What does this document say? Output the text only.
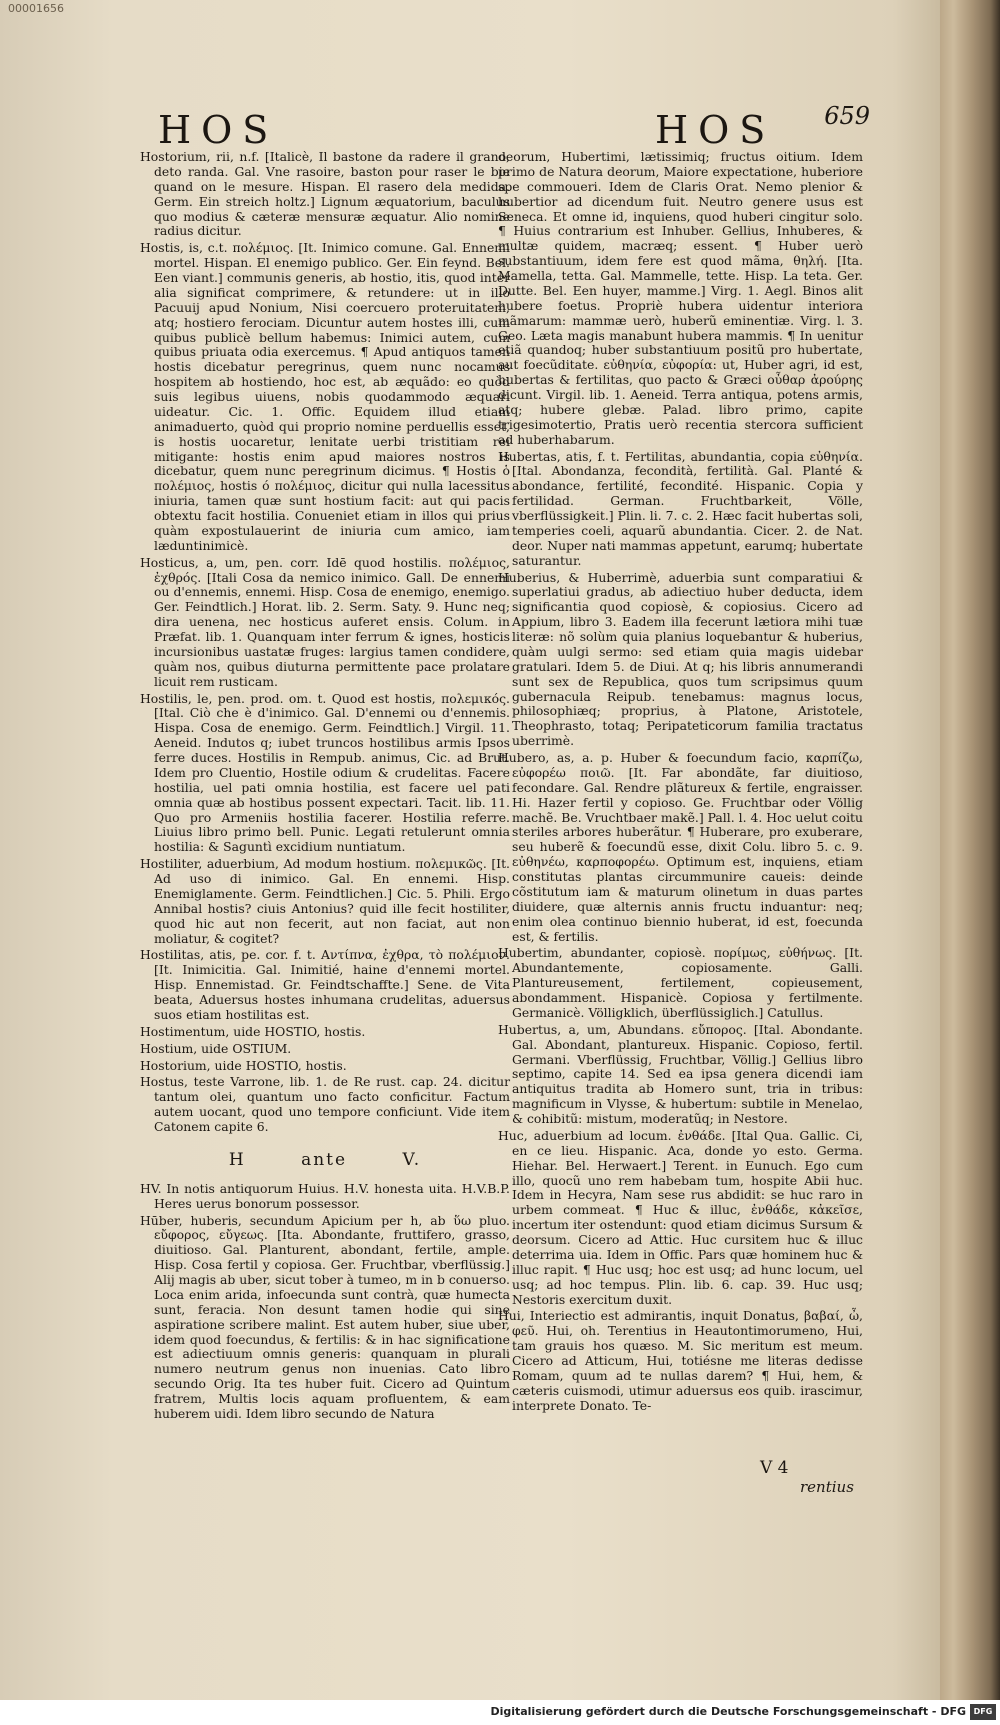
00001656
HOS	HOS 659

Hostorium, rii, n.f. [Italicè, Il bastone da radere il grano, deto randa. Gal. Vne rasoire, baston pour raser le bie quand on le mesure. Hispan. El rasero dela medida. Germ. Ein streich holtz.] Lignum æquatorium, baculus quo modius & cæteræ mensuræ æquatur. Alio nomine radius dicitur.

Hostis, is, c.t. πολέμιος. [It. Inimico comune. Gal. Ennemi mortel. Hispan. El enemigo publico. Ger. Ein feynd. Bel. Een viant.] communis generis, ab hostio, itis, quod inter alia significat comprimere, & retundere: ut in illo Pacuuij apud Nonium, Nisi coercuero proteruitatem, atq; hostiero ferociam. Dicuntur autem hostes illi, cum quibus publicè bellum habemus: Inimici autem, cum quibus priuata odia exercemus. ¶ Apud antiquos tamen hostis dicebatur peregrinus, quem nunc nocamus hospitem ab hostiendo, hoc est, ab æquãdo: eo quòd suis legibus uiuens, nobis quodammodo æquari uideatur. Cic. 1. Offic. Equidem illud etiam animaduerto, quòd qui proprio nomine perduellis esset, is hostis uocaretur, lenitate uerbi tristitiam rei mitigante: hostis enim apud maiores nostros is dicebatur, quem nunc peregrinum dicimus. ¶ Hostis ὁ πολέμιος, hostis ό πολέμιος, dicitur qui nulla lacessitus iniuria, tamen quæ sunt hostium facit: aut qui pacis obtextu facit hostilia. Conueniet etiam in illos qui prius quàm expostulauerint de iniuria cum amico, iam læduntinimicè.

Hosticus, a, um, pen. corr. Idē quod hostilis. πολέμιος, ἐχθρός. [Itali Cosa da nemico inimico. Gall. De ennemi ou d'ennemis, ennemi. Hisp. Cosa de enemigo, enemigo. Ger. Feindtlich.] Horat. lib. 2. Serm. Saty. 9. Hunc neq; dira uenena, nec hosticus auferet ensis. Colum. in Præfat. lib. 1. Quanquam inter ferrum & ignes, hosticis incursionibus uastatæ fruges: largius tamen condidere, quàm nos, quibus diuturna permittente pace prolatare licuit rem rusticam.

Hostilis, le, pen. prod. om. t. Quod est hostis, πολεμικός. [Ital. Ciò che è d'inimico. Gal. D'ennemi ou d'ennemis. Hispa. Cosa de enemigo. Germ. Feindtlich.] Virgil. 11. Aeneid. Indutos q; iubet truncos hostilibus armis Ipsos ferre duces. Hostilis in Rempub. animus, Cic. ad Brut. Idem pro Cluentio, Hostile odium & crudelitas. Facere hostilia, uel pati omnia hostilia, est facere uel pati omnia quæ ab hostibus possent expectari. Tacit. lib. 11. Quo pro Armeniis hostilia facerer. Hostilia referre. Liuius libro primo bell. Punic. Legati retulerunt omnia hostilia: & Saguntì excidium nuntiatum.

Hostiliter, aduerbium, Ad modum hostium. πολεμικῶς. [It. Ad uso di inimico. Gal. En ennemi. Hisp. Enemiglamente. Germ. Feindtlichen.] Cic. 5. Phili. Ergo Annibal hostis? ciuis Antonius? quid ille fecit hostiliter, quod hic aut non fecerit, aut non faciat, aut non moliatur, & cogitet?

Hostilitas, atis, pe. cor. f. t. Αντίπνα, ἐχθρα, τὸ πολέμιον. [It. Inimicitia. Gal. Inimitié, haine d'ennemi mortel. Hisp. Ennemistad. Gr. Feindtschaffte.] Sene. de Vita beata, Aduersus hostes inhumana crudelitas, aduersus suos etiam hostilitas est.

Hostimentum, uide HOSTIO, hostis.

Hostium, uide OSTIUM.

Hostorium, uide HOSTIO, hostis.

Hostus, teste Varrone, lib. 1. de Re rust. cap. 24. dicitur tantum olei, quantum uno facto conficitur. Factum autem uocant, quod uno tempore conficiunt. Vide item Catonem capite 6.

H	ante	V.

HV. In notis antiquorum Huius. H.V. honesta uita. H.V.B.P. Heres uerus bonorum possessor.

Hūber, huberis, secundum Apicium per h, ab ὕω pluo. εὔφορος, εὔγεως. [Ita. Abondante, fruttifero, grasso, diuitioso. Gal. Planturent, abondant, fertile, ample. Hisp. Cosa fertil y copiosa. Ger. Fruchtbar, vberflüssig.] Alij magis ab uber, sicut tober à tumeo, m in b conuerso. Loca enim arida, infoecunda sunt contrà, quæ humecta sunt, feracia. Non desunt tamen hodie qui sine aspiratione scribere malint. Est autem huber, siue uber, idem quod foecundus, & fertilis: & in hac significatione est adiectiuum omnis generis: quanquam in plurali numero neutrum genus non inuenias. Cato libro secundo Orig. Ita tes huber fuit. Cicero ad Quintum fratrem, Multis locis aquam profluentem, & eam huberem uidi. Idem libro secundo de Natura

deorum, Hubertimi, lætissimiq; fructus oitium. Idem primo de Natura deorum, Maiore expectatione, huberiore spe commoueri. Idem de Claris Orat. Nemo plenior & hubertior ad dicendum fuit. Neutro genere usus est Seneca. Et omne id, inquiens, quod huberi cingitur solo. ¶ Huius contrarium est Inhuber. Gellius, Inhuberes, & multæ quidem, macræq; essent. ¶ Huber uerò substantiuum, idem fere est quod mãma, θηλή. [Ita. Mamella, tetta. Gal. Mammelle, tette. Hisp. La teta. Ger. Dutte. Bel. Een huyer, mamme.] Virg. 1. Aegl. Binos alit hubere foetus. Propriè hubera uidentur interiora mãmarum: mammæ uerò, huberũ eminentiæ. Virg. l. 3. Geo. Læta magis manabunt hubera mammis. ¶ In uenitur etiã quandoq; huber substantiuum positũ pro hubertate, aut foecũditate. εὐθηνία, εὐφορία: ut, Huber agri, id est, hubertas & fertilitas, quo pacto & Græci οὖθαρ ἀρούρης dicunt. Virgil. lib. 1. Aeneid. Terra antiqua, potens armis, atq; hubere glebæ. Palad. libro primo, capite trigesimotertio, Pratis uerò recentia stercora sufficient ad huberhabarum.

Hubertas, atis, f. t. Fertilitas, abundantia, copia εὐθηνία. [Ital. Abondanza, fecondità, fertilità. Gal. Planté & abondance, fertilité, fecondité. Hispanic. Copia y fertilidad. German. Fruchtbarkeit, Völle, vberflüssigkeit.] Plin. li. 7. c. 2. Hæc facit hubertas soli, temperies coeli, aquarũ abundantia. Cicer. 2. de Nat. deor. Nuper nati mammas appetunt, earumq; hubertate saturantur.

Huberius, & Huberrimè, aduerbia sunt comparatiui & superlatiui gradus, ab adiectiuo huber deducta, idem significantia quod copiosè, & copiosius. Cicero ad Appium, libro 3. Eadem illa fecerunt lætiora mihi tuæ literæ: nõ solùm quia planius loquebantur & huberius, quàm uulgi sermo: sed etiam quia magis uidebar gratulari. Idem 5. de Diui. At q; his libris annumerandi sunt sex de Republica, quos tum scripsimus quum gubernacula Reipub. tenebamus: magnus locus, philosophiæq; proprius, à Platone, Aristotele, Theophrasto, totaq; Peripateticorum familia tractatus uberrimè.

Hubero, as, a. p. Huber & foecundum facio, καρπίζω, εὐφορέω ποιῶ. [It. Far abondãte, far diuitioso, fecondare. Gal. Rendre plãtureux & fertile, engraisser. Hi. Hazer fertil y copioso. Ge. Fruchtbar oder Völlig machẽ. Be. Vruchtbaer makẽ.] Pall. l. 4. Hoc uelut coitu steriles arbores huberãtur. ¶ Huberare, pro exuberare, seu huberẽ & foecundũ esse, dixit Colu. libro 5. c. 9. εὐθηνέω, καρποφορέω. Optimum est, inquiens, etiam constitutas plantas circummunire caueis: deinde cõstitutum iam & maturum olinetum in duas partes diuidere, quæ alternis annis fructu induantur: neq; enim olea continuo biennio huberat, id est, foecunda est, & fertilis.

Hubertim, abundanter, copiosè. πορίμως, εὐθήνως. [It. Abundantemente, copiosamente. Galli. Plantureusement, fertilement, copieusement, abondamment. Hispanicè. Copiosa y fertilmente. Germanicè. Völligklich, überflüssiglich.] Catullus.

Hubertus, a, um, Abundans. εὔπορος. [Ital. Abondante. Gal. Abondant, plantureux. Hispanic. Copioso, fertil. Germani. Vberflüssig, Fruchtbar, Völlig.] Gellius libro septimo, capite 14. Sed ea ipsa genera dicendi iam antiquitus tradita ab Homero sunt, tria in tribus: magnificum in Vlysse, & hubertum: subtile in Menelao, & cohibitũ: mistum, moderatũq; in Nestore.

Huc, aduerbium ad locum. ἐνθάδε. [Ital Qua. Gallic. Ci, en ce lieu. Hispanic. Aca, donde yo esto. Germa. Hiehar. Bel. Herwaert.] Terent. in Eunuch. Ego cum illo, quocũ uno rem habebam tum, hospite Abii huc. Idem in Hecyra, Nam sese rus abdidit: se huc raro in urbem commeat. ¶ Huc & illuc, ἐνθάδε, κἀκεῖσε, incertum iter ostendunt: quod etiam dicimus Sursum & deorsum. Cicero ad Attic. Huc cursitem huc & illuc deterrima uia. Idem in Offic. Pars quæ hominem huc & illuc rapit. ¶ Huc usq; hoc est usq; ad hunc locum, uel usq; ad hoc tempus. Plin. lib. 6. cap. 39. Huc usq; Nestoris exercitum duxit.

Hui, Interiectio est admirantis, inquit Donatus, βαβαί, ὦ, φεῦ. Hui, oh. Terentius in Heautontimorumeno, Hui, tam grauis hos quæso. M. Sic meritum est meum. Cicero ad Atticum, Hui, totiésne me literas dedisse Romam, quum ad te nullas darem? ¶ Hui, hem, & cæteris cuismodi, utimur aduersus eos quib. irascimur, interprete Donato. Te-

V 4
rentius
Digitalisierung gefördert durch die Deutsche Forschungsgemeinschaft - DFG DFG
